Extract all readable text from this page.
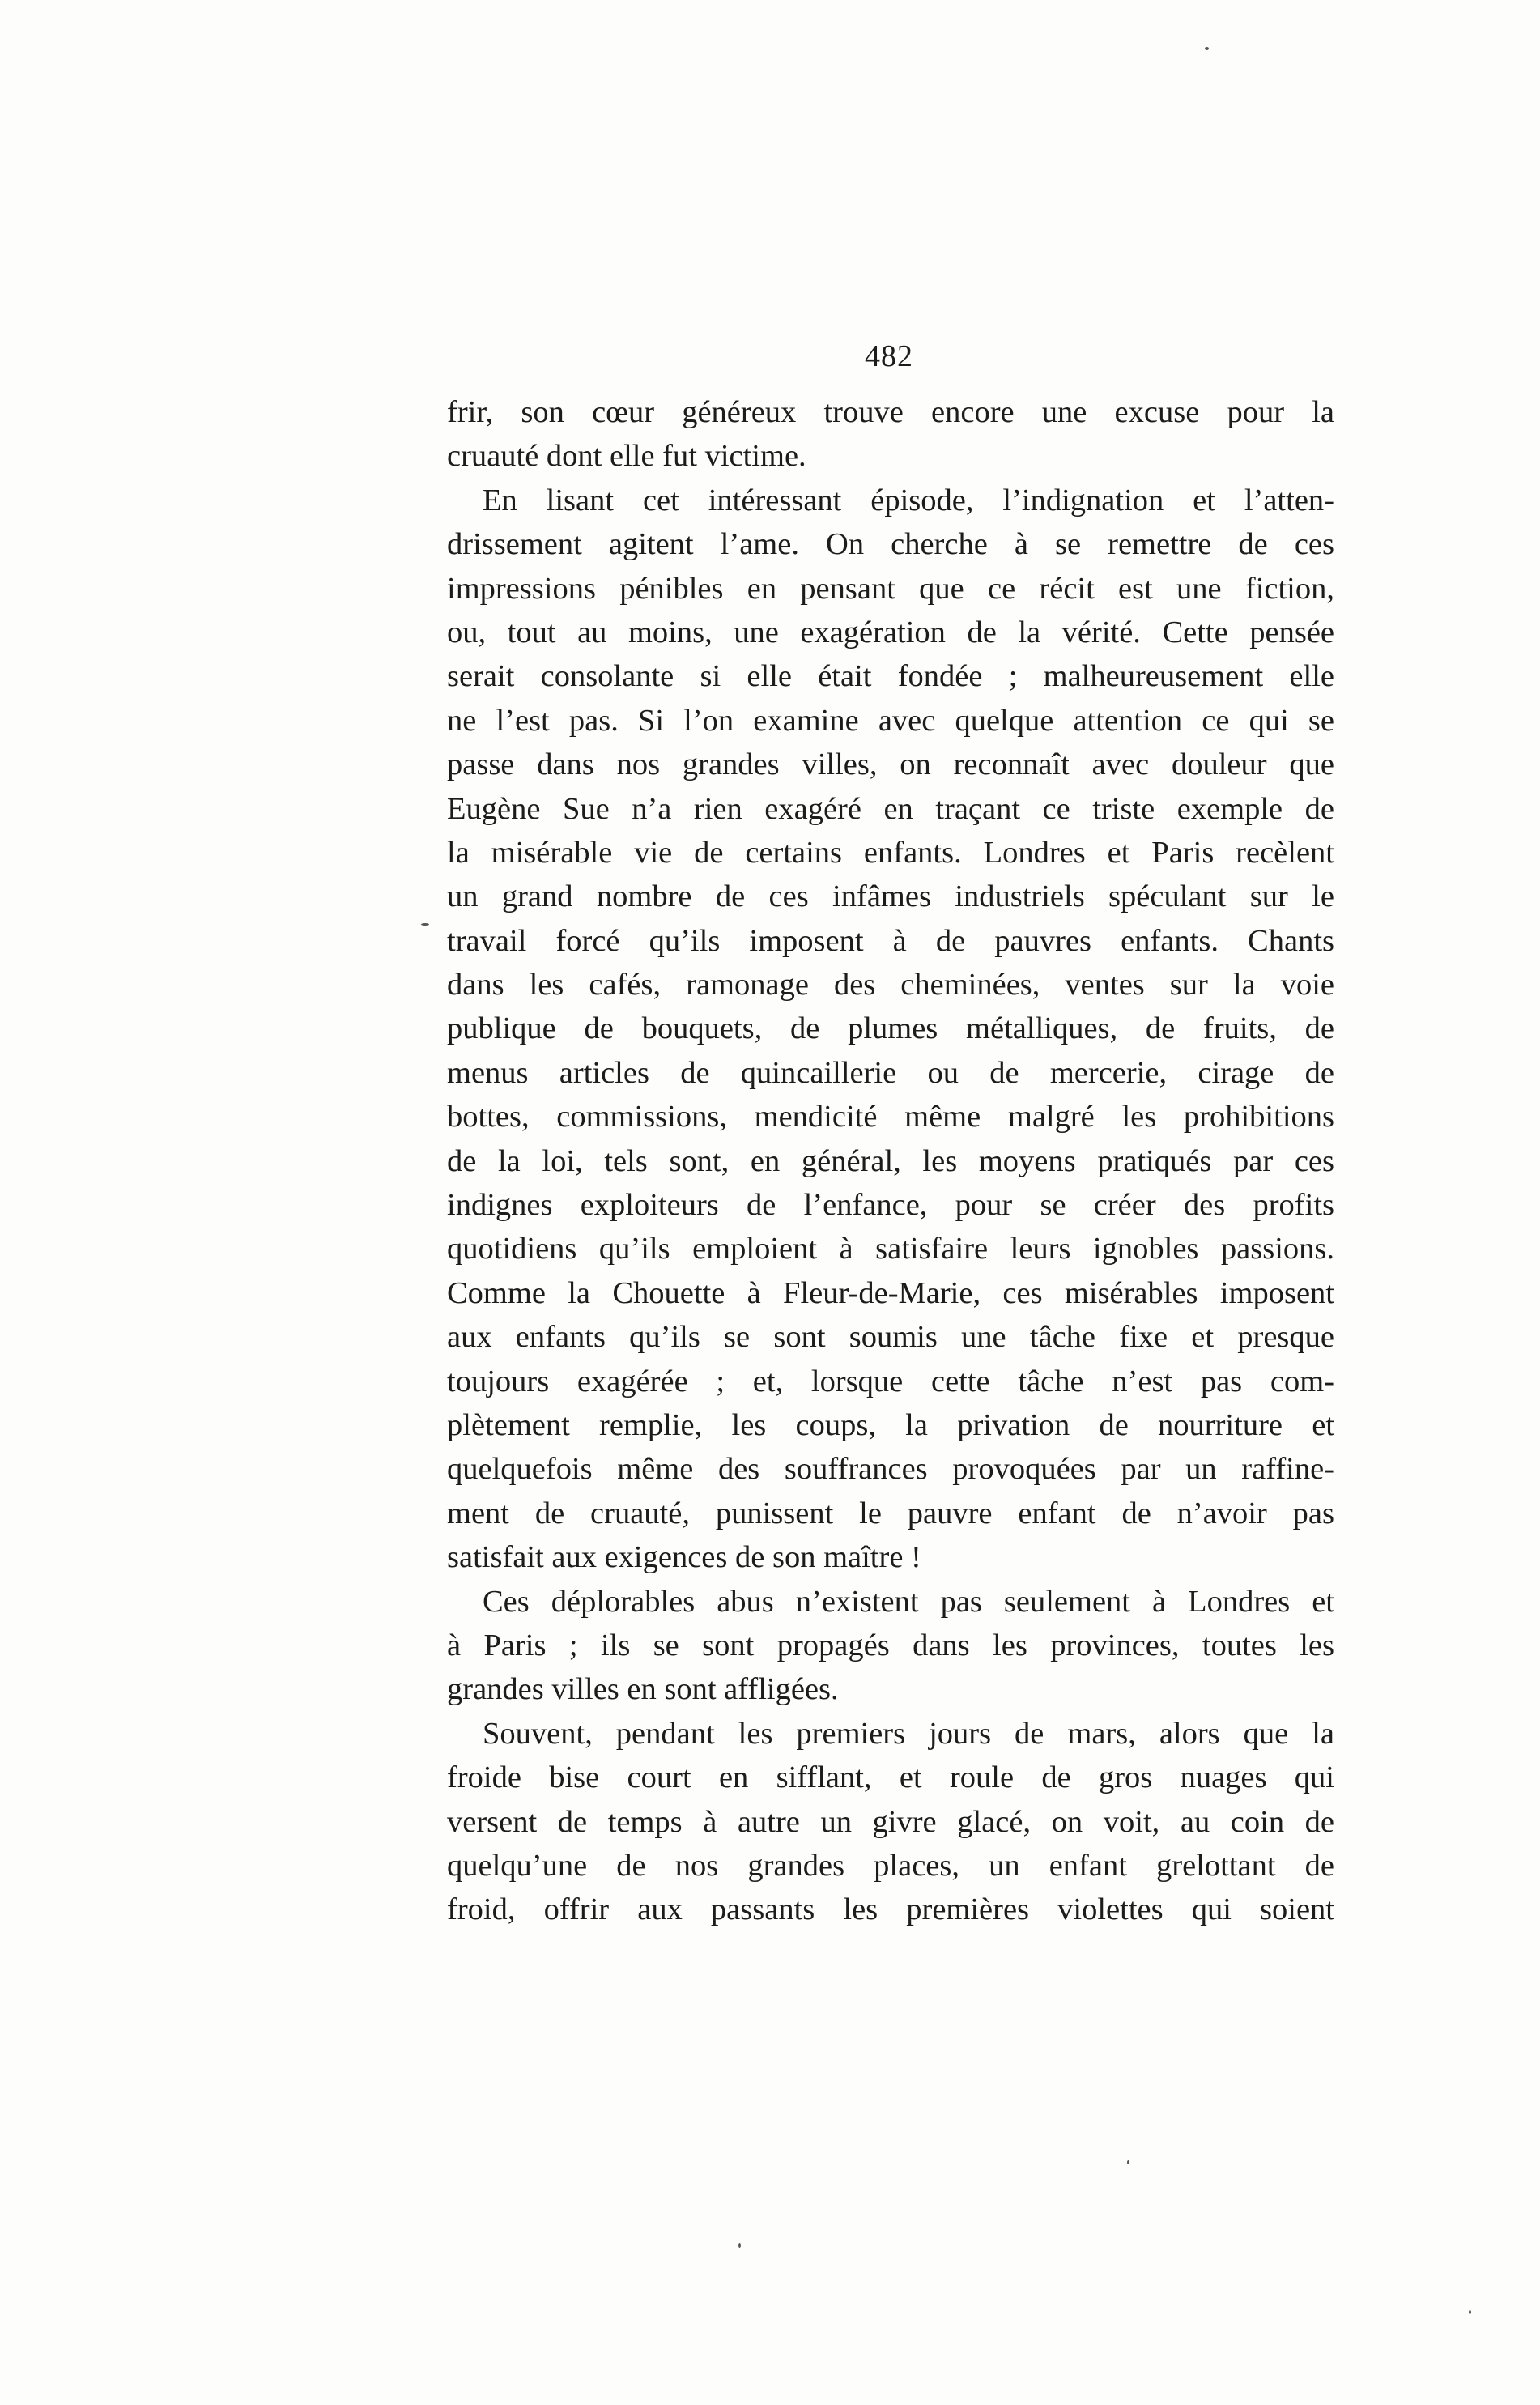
482
frir, son cœur généreux trouve encore une excuse pour la
cruauté dont elle fut victime.
En lisant cet intéressant épisode, l’indignation et l’atten-
drissement agitent l’ame. On cherche à se remettre de ces
impressions pénibles en pensant que ce récit est une fiction,
ou, tout au moins, une exagération de la vérité. Cette pensée
serait consolante si elle était fondée ; malheureusement elle
ne l’est pas. Si l’on examine avec quelque attention ce qui se
passe dans nos grandes villes, on reconnaît avec douleur que
Eugène Sue n’a rien exagéré en traçant ce triste exemple de
la misérable vie de certains enfants. Londres et Paris recèlent
un grand nombre de ces infâmes industriels spéculant sur le
travail forcé qu’ils imposent à de pauvres enfants. Chants
dans les cafés, ramonage des cheminées, ventes sur la voie
publique de bouquets, de plumes métalliques, de fruits, de
menus articles de quincaillerie ou de mercerie, cirage de
bottes, commissions, mendicité même malgré les prohibitions
de la loi, tels sont, en général, les moyens pratiqués par ces
indignes exploiteurs de l’enfance, pour se créer des profits
quotidiens qu’ils emploient à satisfaire leurs ignobles passions.
Comme la Chouette à Fleur-de-Marie, ces misérables imposent
aux enfants qu’ils se sont soumis une tâche fixe et presque
toujours exagérée ; et, lorsque cette tâche n’est pas com-
plètement remplie, les coups, la privation de nourriture et
quelquefois même des souffrances provoquées par un raffine-
ment de cruauté, punissent le pauvre enfant de n’avoir pas
satisfait aux exigences de son maître !
Ces déplorables abus n’existent pas seulement à Londres et
à Paris ; ils se sont propagés dans les provinces, toutes les
grandes villes en sont affligées.
Souvent, pendant les premiers jours de mars, alors que la
froide bise court en sifflant, et roule de gros nuages qui
versent de temps à autre un givre glacé, on voit, au coin de
quelqu’une de nos grandes places, un enfant grelottant de
froid, offrir aux passants les premières violettes qui soient
